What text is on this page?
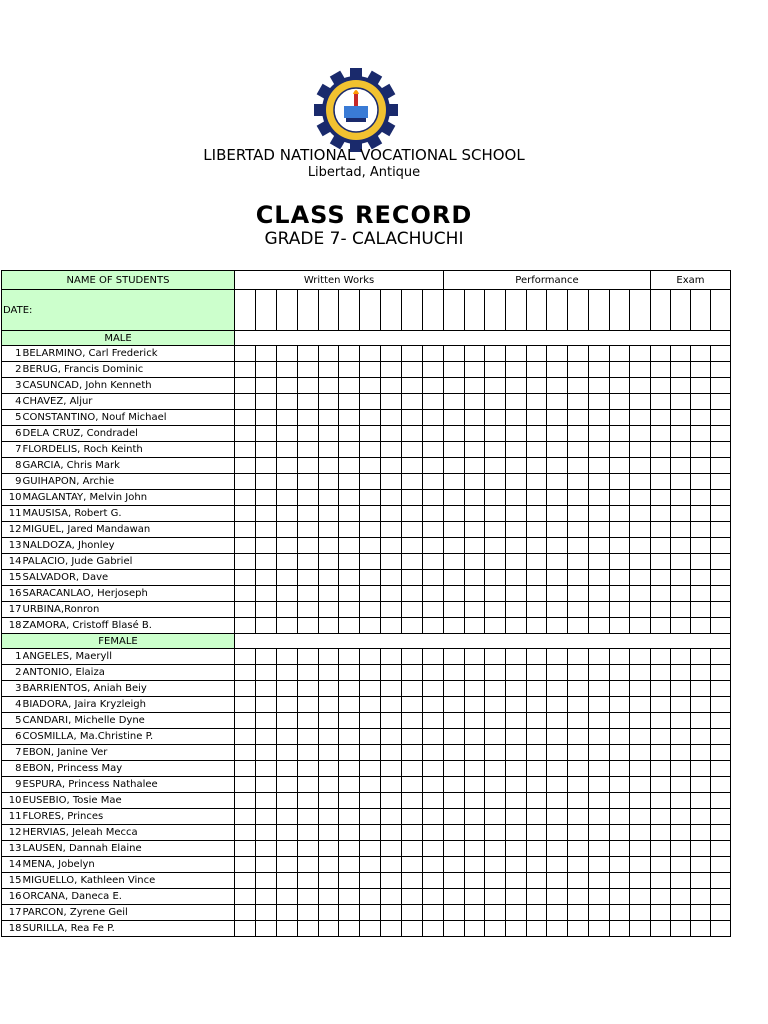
LIBERTAD NATIONAL VOCATIONAL SCHOOL
Libertad, Antique
CLASS RECORD
GRADE 7- CALACHUCHI
NAME OF STUDENTS		Written Works										Performance										Exam			
DATE:																									
MALE																									
1	BELARMINO, Carl Frederick																								
2	BERUG, Francis Dominic																								
3	CASUNCAD, John Kenneth																								
4	CHAVEZ, Aljur																								
5	CONSTANTINO, Nouf Michael																								
6	DELA CRUZ, Condradel																								
7	FLORDELIS, Roch Keinth																								
8	GARCIA, Chris Mark																								
9	GUIHAPON, Archie																								
10	MAGLANTAY, Melvin John																								
11	MAUSISA, Robert G.																								
12	MIGUEL, Jared Mandawan																								
13	NALDOZA, Jhonley																								
14	PALACIO, Jude Gabriel																								
15	SALVADOR, Dave																								
16	SARACANLAO, Herjoseph																								
17	URBINA,Ronron																								
18	ZAMORA, Cristoff Blasé B.																								
FEMALE																									
1	ANGELES, Maeryll																								
2	ANTONIO, Elaiza																								
3	BARRIENTOS, Aniah Beiy																								
4	BIADORA, Jaira Kryzleigh																								
5	CANDARI, Michelle Dyne																								
6	COSMILLA, Ma.Christine P.																								
7	EBON, Janine Ver																								
8	EBON, Princess May																								
9	ESPURA, Princess Nathalee																								
10	EUSEBIO, Tosie Mae																								
11	FLORES, Princes																								
12	HERVIAS, Jeleah Mecca																								
13	LAUSEN, Dannah Elaine																								
14	MENA, Jobelyn																								
15	MIGUELLO, Kathleen Vince																								
16	ORCANA, Daneca E.																								
17	PARCON, Zyrene Geil																								
18	SURILLA, Rea Fe P.																								
